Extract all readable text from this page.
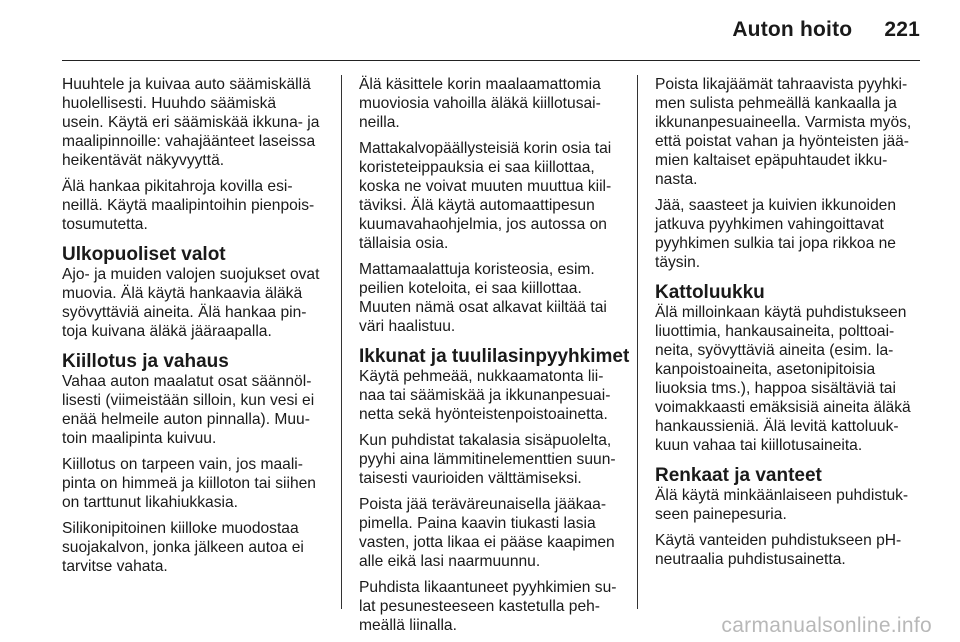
Auton hoito 221

Huuhtele ja kuivaa auto säämiskällä
huolellisesti. Huuhdo säämiskä
usein. Käytä eri säämiskää ikkuna- ja
maalipinnoille: vahajäänteet laseissa
heikentävät näkyvyyttä.

Älä hankaa pikitahroja kovilla esi-
neillä. Käytä maalipintoihin pienpois-
tosumutetta.

Ulkopuoliset valot

Ajo- ja muiden valojen suojukset ovat
muovia. Älä käytä hankaavia äläkä
syövyttäviä aineita. Älä hankaa pin-
toja kuivana äläkä jääraapalla.

Kiillotus ja vahaus

Vahaa auton maalatut osat säännöl-
lisesti (viimeistään silloin, kun vesi ei
enää helmeile auton pinnalla). Muu-
toin maalipinta kuivuu.

Kiillotus on tarpeen vain, jos maali-
pinta on himmeä ja kiilloton tai siihen
on tarttunut likahiukkasia.

Silikonipitoinen kiilloke muodostaa
suojakalvon, jonka jälkeen autoa ei
tarvitse vahata.

Älä käsittele korin maalaamattomia
muoviosia vahoilla äläkä kiillotusai-
neilla.

Mattakalvopäällysteisiä korin osia tai
koristeteippauksia ei saa kiillottaa,
koska ne voivat muuten muuttua kiil-
täviksi. Älä käytä automaattipesun
kuumavahaohjelmia, jos autossa on
tällaisia osia.

Mattamaalattuja koristeosia, esim.
peilien koteloita, ei saa kiillottaa.
Muuten nämä osat alkavat kiiltää tai
väri haalistuu.

Ikkunat ja tuulilasinpyyhkimet

Käytä pehmeää, nukkaamatonta lii-
naa tai säämiskää ja ikkunanpesuai-
netta sekä hyönteistenpoistoainetta.

Kun puhdistat takalasia sisäpuolelta,
pyyhi aina lämmitinelementtien suun-
taisesti vaurioiden välttämiseksi.

Poista jää teräväreunaisella jääkaa-
pimella. Paina kaavin tiukasti lasia
vasten, jotta likaa ei pääse kaapimen
alle eikä lasi naarmuunnu.

Puhdista likaantuneet pyyhkimien su-
lat pesunesteeseen kastetulla peh-
meällä liinalla.

Poista likajäämät tahraavista pyyhki-
men sulista pehmeällä kankaalla ja
ikkunanpesuaineella. Varmista myös,
että poistat vahan ja hyönteisten jää-
mien kaltaiset epäpuhtaudet ikku-
nasta.

Jää, saasteet ja kuivien ikkunoiden
jatkuva pyyhkimen vahingoittavat
pyyhkimen sulkia tai jopa rikkoa ne
täysin.

Kattoluukku

Älä milloinkaan käytä puhdistukseen
liuottimia, hankausaineita, polttoai-
neita, syövyttäviä aineita (esim. la-
kanpoistoaineita, asetonipitoisia
liuoksia tms.), happoa sisältäviä tai
voimakkaasti emäksisiä aineita äläkä
hankaussieniä. Älä levitä kattoluuk-
kuun vahaa tai kiillotusaineita.

Renkaat ja vanteet

Älä käytä minkäänlaiseen puhdistuk-
seen painepesuria.

Käytä vanteiden puhdistukseen pH-
neutraalia puhdistusainetta.

carmanualsonline.info
